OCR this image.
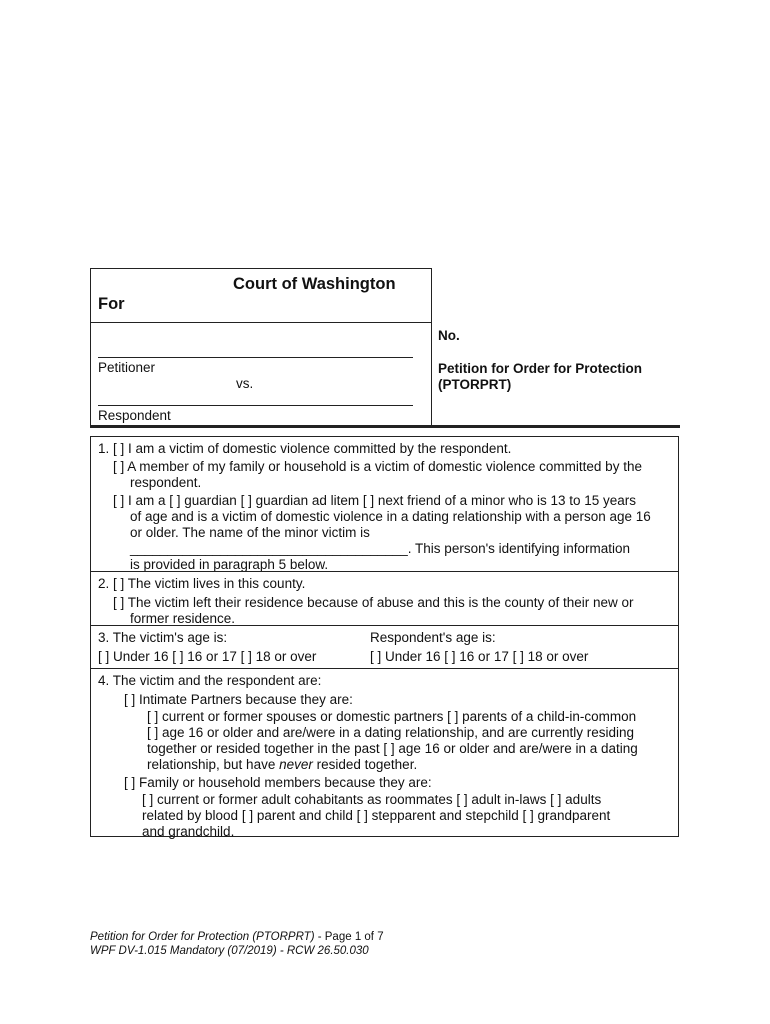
Court of Washington
For
Petitioner
vs.
Respondent
No.
Petition for Order for Protection
(PTORPRT)
1. [ ] I am a victim of domestic violence committed by the respondent.
[ ] A member of my family or household is a victim of domestic violence committed by the
respondent.
[ ] I am a [ ] guardian [ ] guardian ad litem [ ] next friend of a minor who is 13 to 15 years
of age and is a victim of domestic violence in a dating relationship with a person age 16
or older. The name of the minor victim is
_____________________________________. This person's identifying information
is provided in paragraph 5 below.
2. [ ] The victim lives in this county.
[ ] The victim left their residence because of abuse and this is the county of their new or
former residence.
3. The victim's age is:
[ ] Under 16 [ ] 16 or 17 [ ] 18 or over
Respondent's age is:
[ ] Under 16 [ ] 16 or 17 [ ] 18 or over
4. The victim and the respondent are:
[ ] Intimate Partners because they are:
[ ] current or former spouses or domestic partners [ ] parents of a child-in-common
[ ] age 16 or older and are/were in a dating relationship, and are currently residing
together or resided together in the past [ ] age 16 or older and are/were in a dating
relationship, but have never resided together.
[ ] Family or household members because they are:
[ ] current or former adult cohabitants as roommates [ ] adult in-laws [ ] adults
related by blood [ ] parent and child [ ] stepparent and stepchild [ ] grandparent
and grandchild.
Petition for Order for Protection (PTORPRT) - Page 1 of 7
WPF DV-1.015 Mandatory (07/2019) - RCW 26.50.030
